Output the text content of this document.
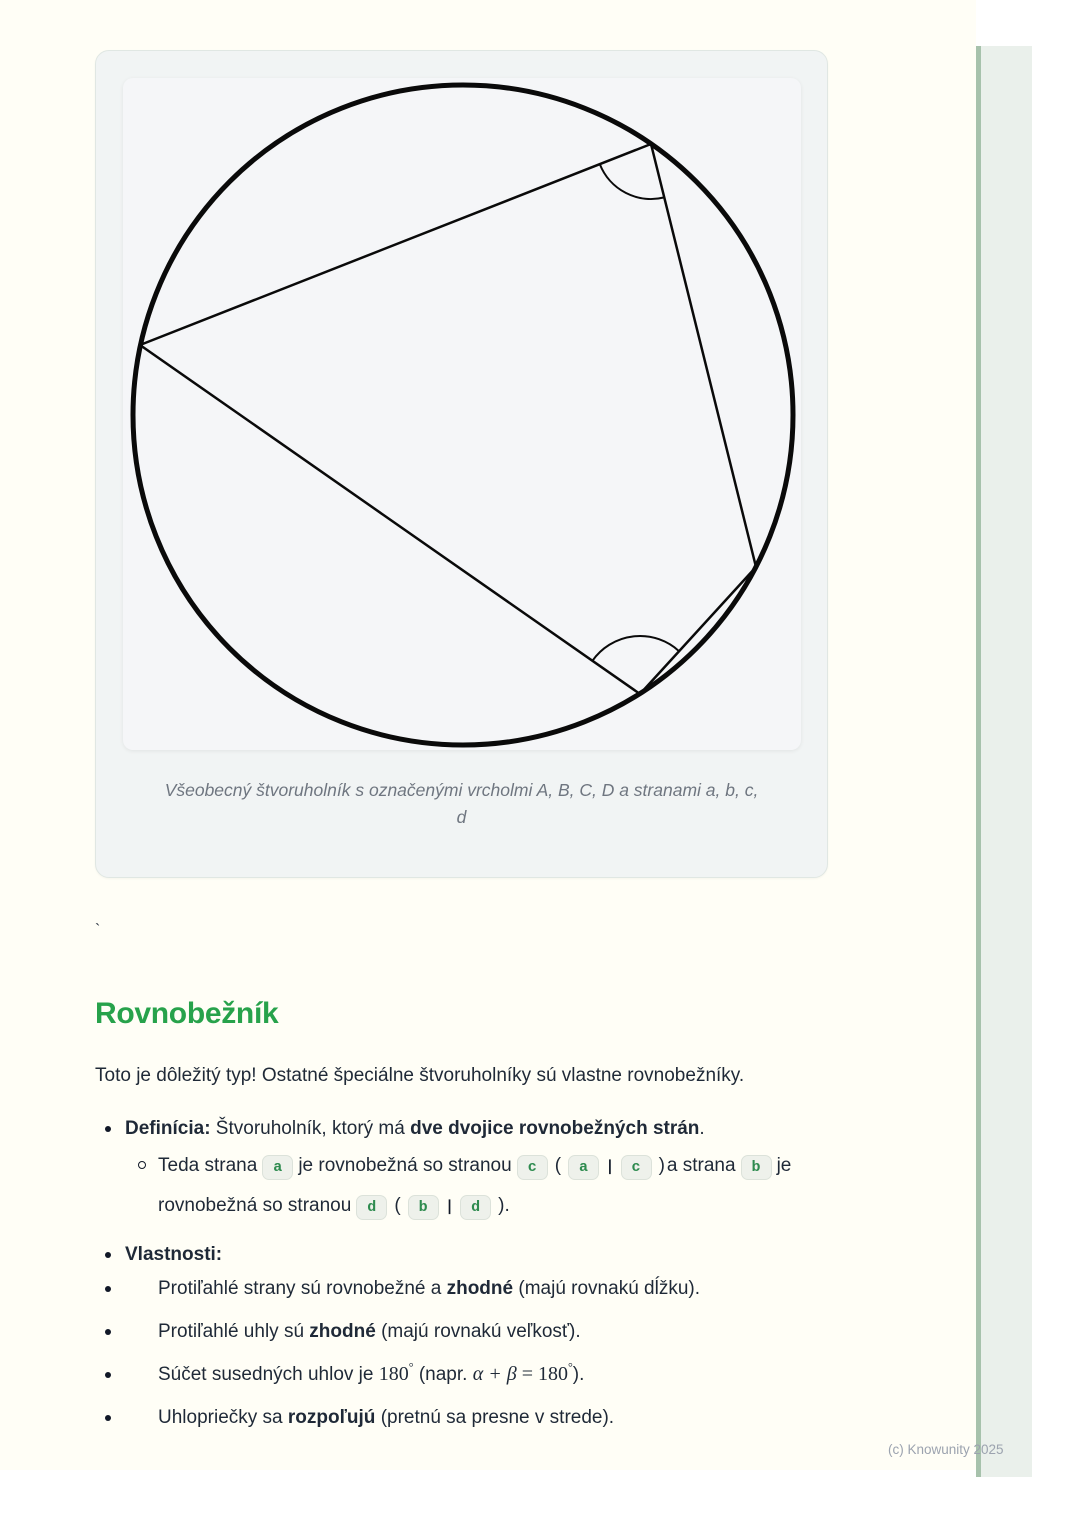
Všeobecný štvoruholník s označenými vrcholmi A, B, C, D a stranami a, b, c,
d
`
Rovnobežník

Toto je dôležitý typ! Ostatné špeciálne štvoruholníky sú vlastne rovnobežníky.

Definícia: Štvoruholník, ktorý má dve dvojice rovnobežných strán.
Teda strana a je rovnobežná so stranou c ( a ∣ c ) a strana b je rovnobežná so stranou d ( b ∣ d ).
Vlastnosti:
Protiľahlé strany sú rovnobežné a zhodné (majú rovnakú dĺžku).
Protiľahlé uhly sú zhodné (majú rovnakú veľkosť).
Súčet susedných uhlov je 180° (napr. α + β = 180°).
Uhlopriečky sa rozpoľujú (pretnú sa presne v strede).
(c) Knowunity 2025
